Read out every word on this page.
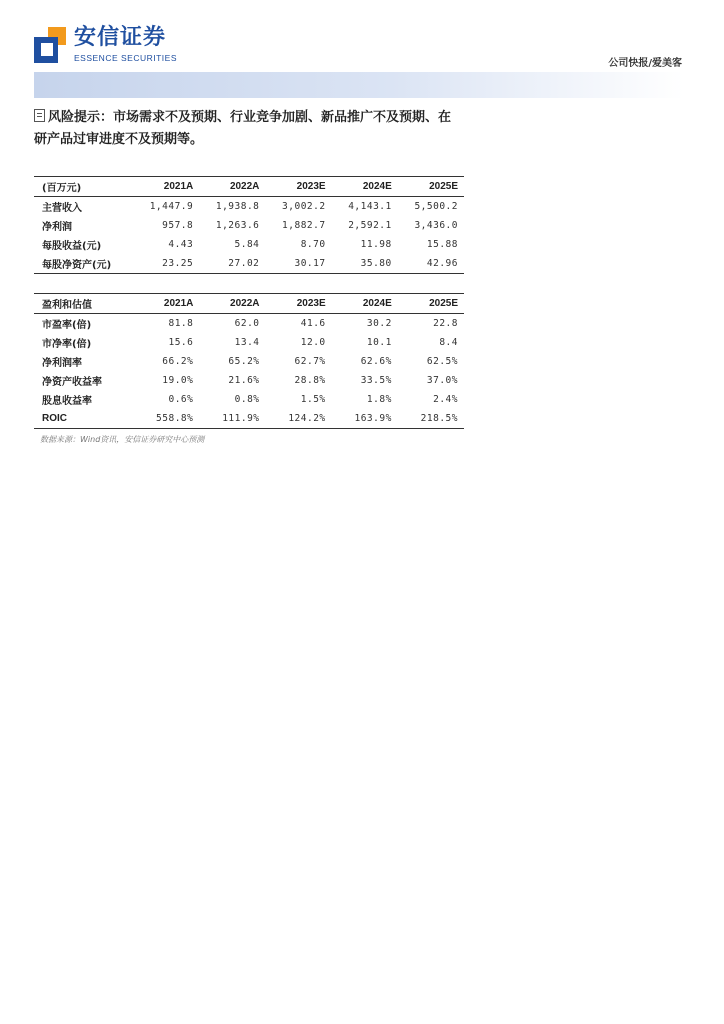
安信证券
ESSENCE SECURITIES	公司快报/爱美客
风险提示：市场需求不及预期、行业竞争加剧、新品推广不及预期、在研产品过审进度不及预期等。
(百万元)	2021A	2022A	2023E	2024E	2025E
主营收入	1,447.9	1,938.8	3,002.2	4,143.1	5,500.2
净利润	957.8	1,263.6	1,882.7	2,592.1	3,436.0
每股收益(元)	4.43	5.84	8.70	11.98	15.88
每股净资产(元)	23.25	27.02	30.17	35.80	42.96
盈利和估值	2021A	2022A	2023E	2024E	2025E
市盈率(倍)	81.8	62.0	41.6	30.2	22.8
市净率(倍)	15.6	13.4	12.0	10.1	8.4
净利润率	66.2%	65.2%	62.7%	62.6%	62.5%
净资产收益率	19.0%	21.6%	28.8%	33.5%	37.0%
股息收益率	0.6%	0.8%	1.5%	1.8%	2.4%
ROIC	558.8%	111.9%	124.2%	163.9%	218.5%
数据来源：Wind资讯，安信证券研究中心预测
